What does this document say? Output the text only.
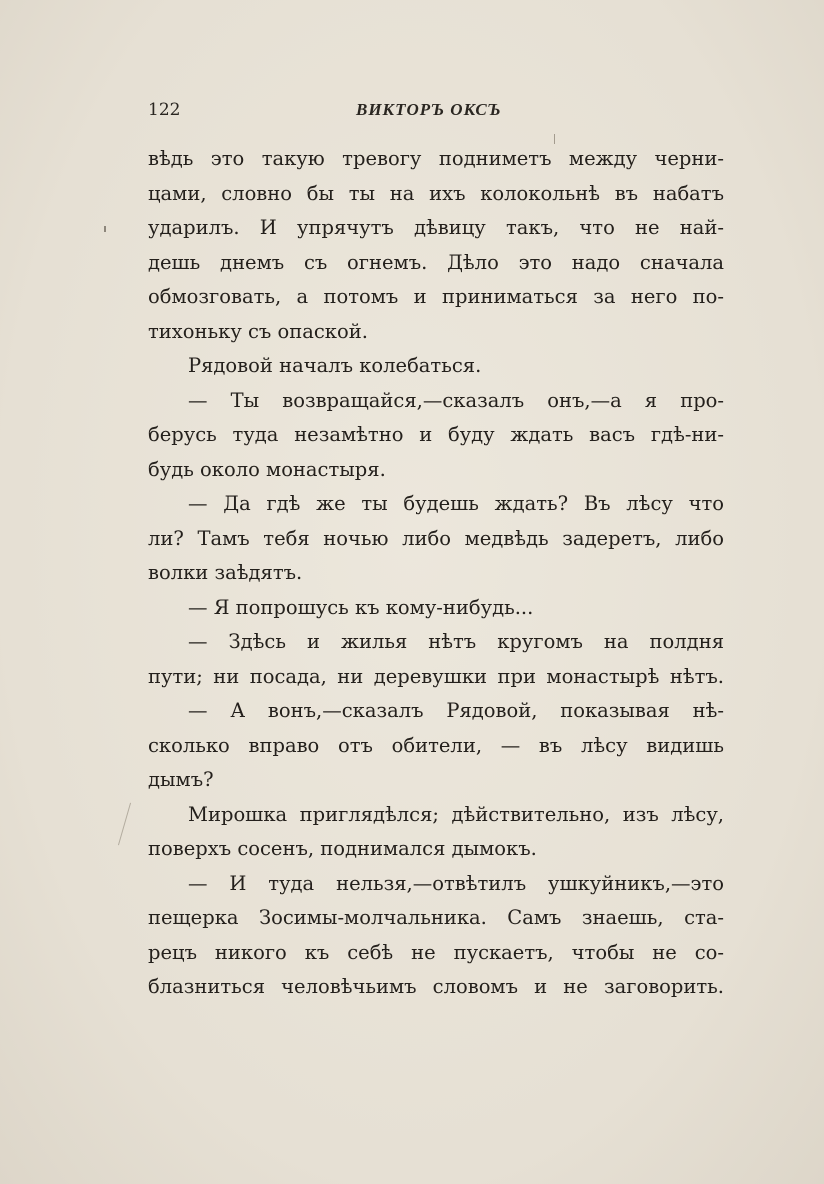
122	ВИКТОРЪ ОКСЪ
вѣдь это такую тревогу подниметъ между черни-
цами, словно бы ты на ихъ колокольнѣ въ набатъ
ударилъ. И упрячутъ дѣвицу такъ, что не най-
дешь днемъ съ огнемъ. Дѣло это надо сначала
обмозговать, а потомъ и приниматься за него по-
тихоньку съ опаской.
Рядовой началъ колебаться.
— Ты возвращайся,—сказалъ онъ,—а я про-
берусь туда незамѣтно и буду ждать васъ гдѣ-ни-
будь около монастыря.
— Да гдѣ же ты будешь ждать? Въ лѣсу что
ли? Тамъ тебя ночью либо медвѣдь задеретъ, либо
волки заѣдятъ.
— Я попрошусь къ кому-нибудь...
— Здѣсь и жилья нѣтъ кругомъ на полдня
пути; ни посада, ни деревушки при монастырѣ нѣтъ.
— А вонъ,—сказалъ Рядовой, показывая нѣ-
сколько вправо отъ обители, — въ лѣсу видишь
дымъ?
Мирошка приглядѣлся; дѣйствительно, изъ лѣсу,
поверхъ сосенъ, поднимался дымокъ.
— И туда нельзя,—отвѣтилъ ушкуйникъ,—это
пещерка Зосимы-молчальника. Самъ знаешь, ста-
рецъ никого къ себѣ не пускаетъ, чтобы не со-
блазниться человѣчьимъ словомъ и не заговорить.
